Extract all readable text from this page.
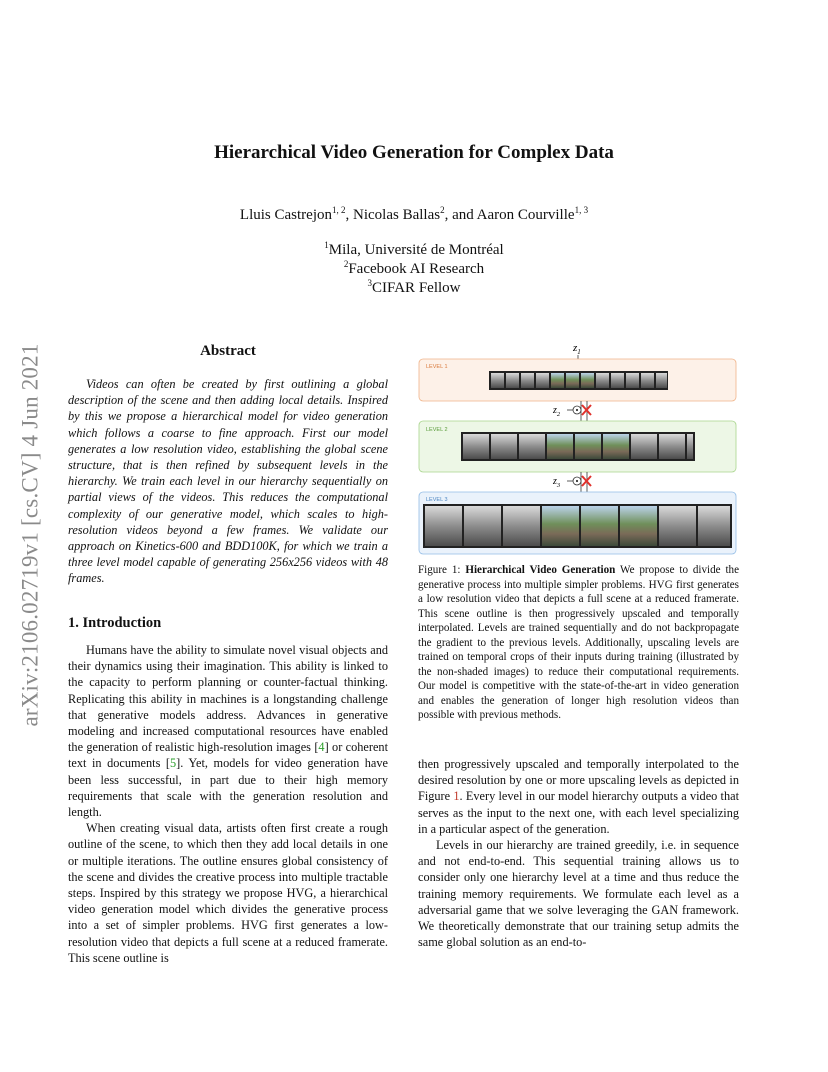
arXiv:2106.02719v1 [cs.CV] 4 Jun 2021
Hierarchical Video Generation for Complex Data
Lluis Castrejon$^{1, 2}$, Nicolas Ballas$^2$, and Aaron Courville$^{1, 3}$
$^1$Mila, Université de Montréal
$^2$Facebook AI Research
$^3$CIFAR Fellow
Abstract
Videos can often be created by first outlining a global description of the scene and then adding local details. Inspired by this we propose a hierarchical model for video generation which follows a coarse to fine approach. First our model generates a low resolution video, establishing the global scene structure, that is then refined by subsequent levels in the hierarchy. We train each level in our hierarchy sequentially on partial views of the videos. This reduces the computational complexity of our generative model, which scales to high-resolution videos beyond a few frames. We validate our approach on Kinetics-600 and BDD100K, for which we train a three level model capable of generating 256x256 videos with 48 frames.
1. Introduction

Humans have the ability to simulate novel visual objects and their dynamics using their imagination. This ability is linked to the capacity to perform planning or counter-factual thinking. Replicating this ability in machines is a longstanding challenge that generative models address. Advances in generative modeling and increased computational resources have enabled the generation of realistic high-resolution images [4] or coherent text in documents [5]. Yet, models for video generation have been less successful, in part due to their high memory requirements that scale with the generation resolution and length.

When creating visual data, artists often first create a rough outline of the scene, to which then they add local details in one or multiple iterations. The outline ensures global consistency of the scene and divides the creative process into multiple tractable steps. Inspired by this strategy we propose HVG, a hierarchical video generation model which divides the generative process into a set of simpler problems. HVG first generates a low-resolution video that depicts a full scene at a reduced framerate. This scene outline is

$z_1$
LEVEL 1
$z_2$
LEVEL 2
$z_3$
LEVEL 3
Figure 1: Hierarchical Video Generation We propose to divide the generative process into multiple simpler problems. HVG first generates a low resolution video that depicts a full scene at a reduced framerate. This scene outline is then progressively upscaled and temporally interpolated. Levels are trained sequentially and do not backpropagate the gradient to the previous levels. Additionally, upscaling levels are trained on temporal crops of their inputs during training (illustrated by the non-shaded images) to reduce their computational requirements. Our model is competitive with the state-of-the-art in video generation and enables the generation of longer high resolution videos than possible with previous methods.

then progressively upscaled and temporally interpolated to the desired resolution by one or more upscaling levels as depicted in Figure 1. Every level in our model hierarchy outputs a video that serves as the input to the next one, with each level specializing in a particular aspect of the generation.

Levels in our hierarchy are trained greedily, i.e. in sequence and not end-to-end. This sequential training allows us to consider only one hierarchy level at a time and thus reduce the training memory requirements. We formulate each level as a adversarial game that we solve leveraging the GAN framework. We theoretically demonstrate that our training setup admits the same global solution as an end-to-
